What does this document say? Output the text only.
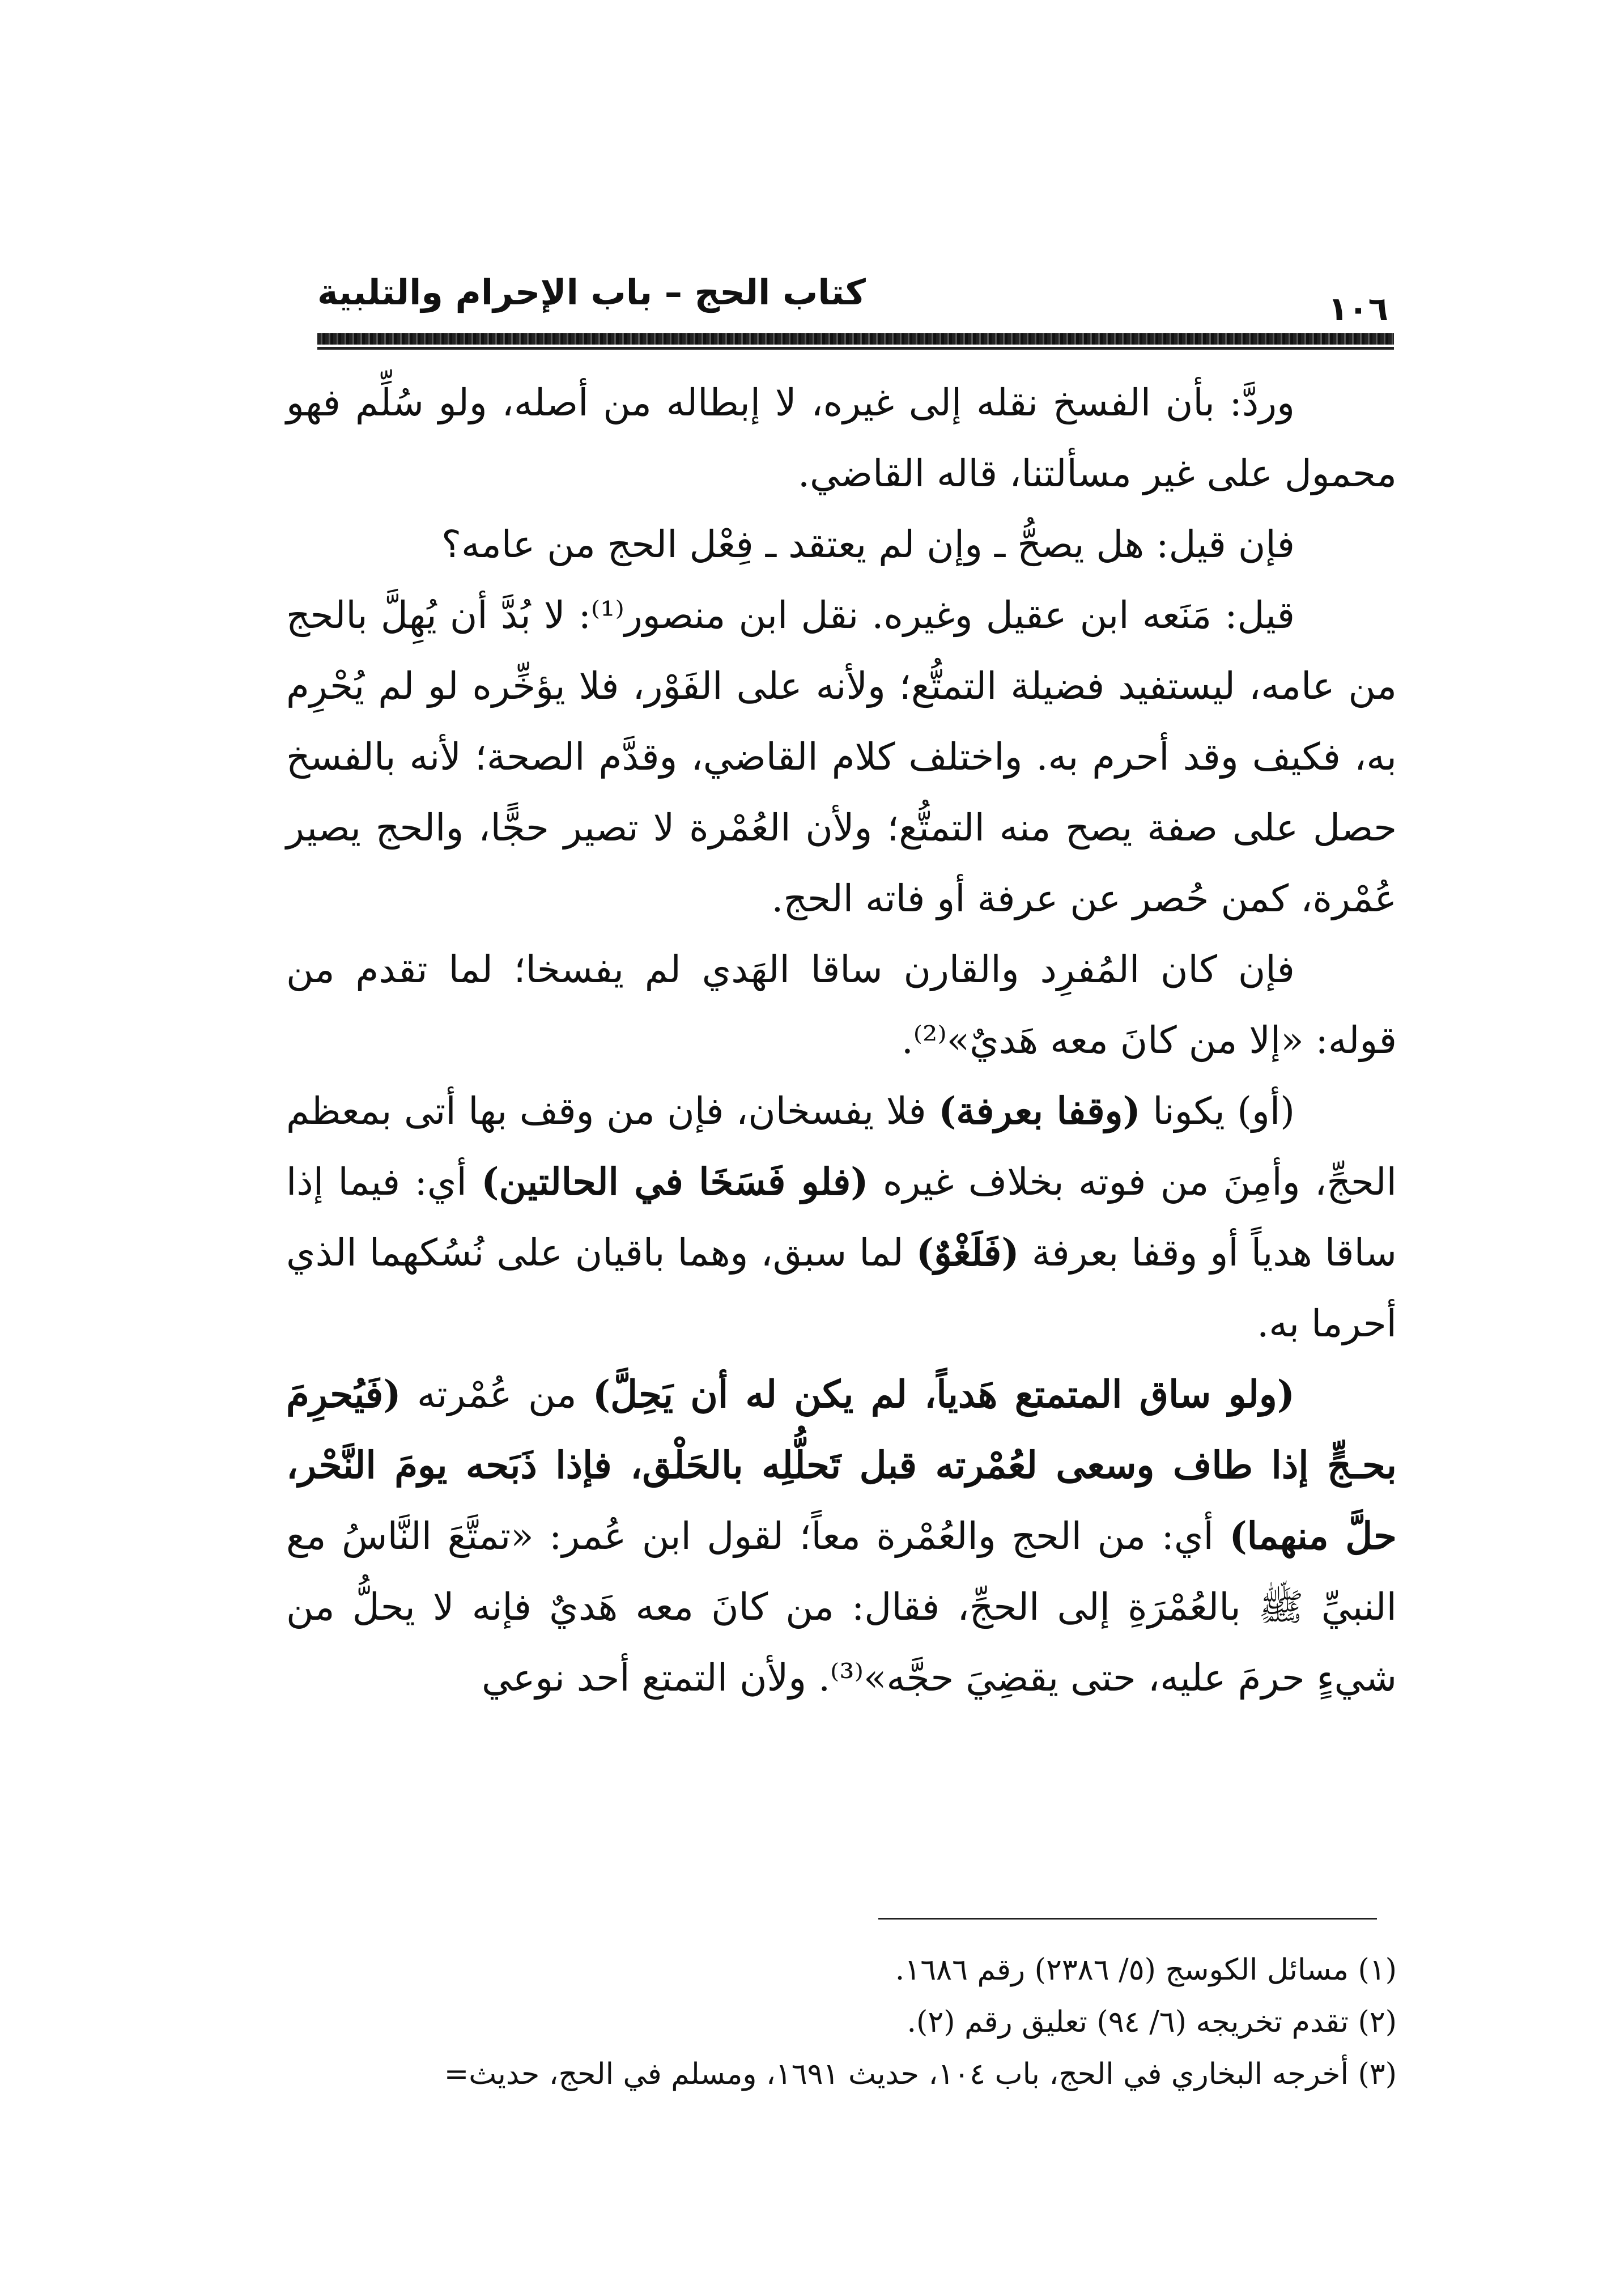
كتاب الحج – باب الإحرام والتلبية	١٠٦

وردَّ: بأن الفسخ نقله إلى غيره، لا إبطاله من أصله، ولو سُلِّم فهو محمول على غير مسألتنا، قاله القاضي.

فإن قيل: هل يصحُّ ـ وإن لم يعتقد ـ فِعْل الحج من عامه؟

قيل: مَنَعه ابن عقيل وغيره. نقل ابن منصور⁽¹⁾: لا بُدَّ أن يُهِلَّ بالحج من عامه، ليستفيد فضيلة التمتُّع؛ ولأنه على الفَوْر، فلا يؤخِّره لو لم يُحْرِم به، فكيف وقد أحرم به. واختلف كلام القاضي، وقدَّم الصحة؛ لأنه بالفسخ حصل على صفة يصح منه التمتُّع؛ ولأن العُمْرة لا تصير حجًّا، والحج يصير عُمْرة، كمن حُصر عن عرفة أو فاته الحج.

فإن كان المُفرِد والقارن ساقا الهَدي لم يفسخا؛ لما تقدم من قوله: «إلا من كانَ معه هَديٌ»⁽²⁾.

(أو) يكونا (وقفا بعرفة) فلا يفسخان، فإن من وقف بها أتى بمعظم الحجِّ، وأمِنَ من فوته بخلاف غيره (فلو فَسَخَا في الحالتين) أي: فيما إذا ساقا هدياً أو وقفا بعرفة (فَلَغْوٌ) لما سبق، وهما باقيان على نُسُكهما الذي أحرما به.

(ولو ساق المتمتع هَدياً، لم يكن له أن يَحِلَّ) من عُمْرته (فَيُحرِمَ بحـجٍّ إذا طاف وسعى لعُمْرته قبل تَحلُّلِه بالحَلْق، فإذا ذَبَحه يومَ النَّحْر، حلَّ منهما) أي: من الحج والعُمْرة معاً؛ لقول ابن عُمر: «تمتَّعَ النَّاسُ مع النبيِّ ﷺ بالعُمْرَةِ إلى الحجِّ، فقال: من كانَ معه هَديٌ فإنه لا يحلُّ من شيءٍ حرمَ عليه، حتى يقضِيَ حجَّه»⁽³⁾. ولأن التمتع أحد نوعي

(١) مسائل الكوسج (٥/ ٢٣٨٦) رقم ١٦٨٦.

(٢) تقدم تخريجه (٦/ ٩٤) تعليق رقم (٢).

(٣) أخرجه البخاري في الحج، باب ١٠٤، حديث ١٦٩١، ومسلم في الحج، حديث=
